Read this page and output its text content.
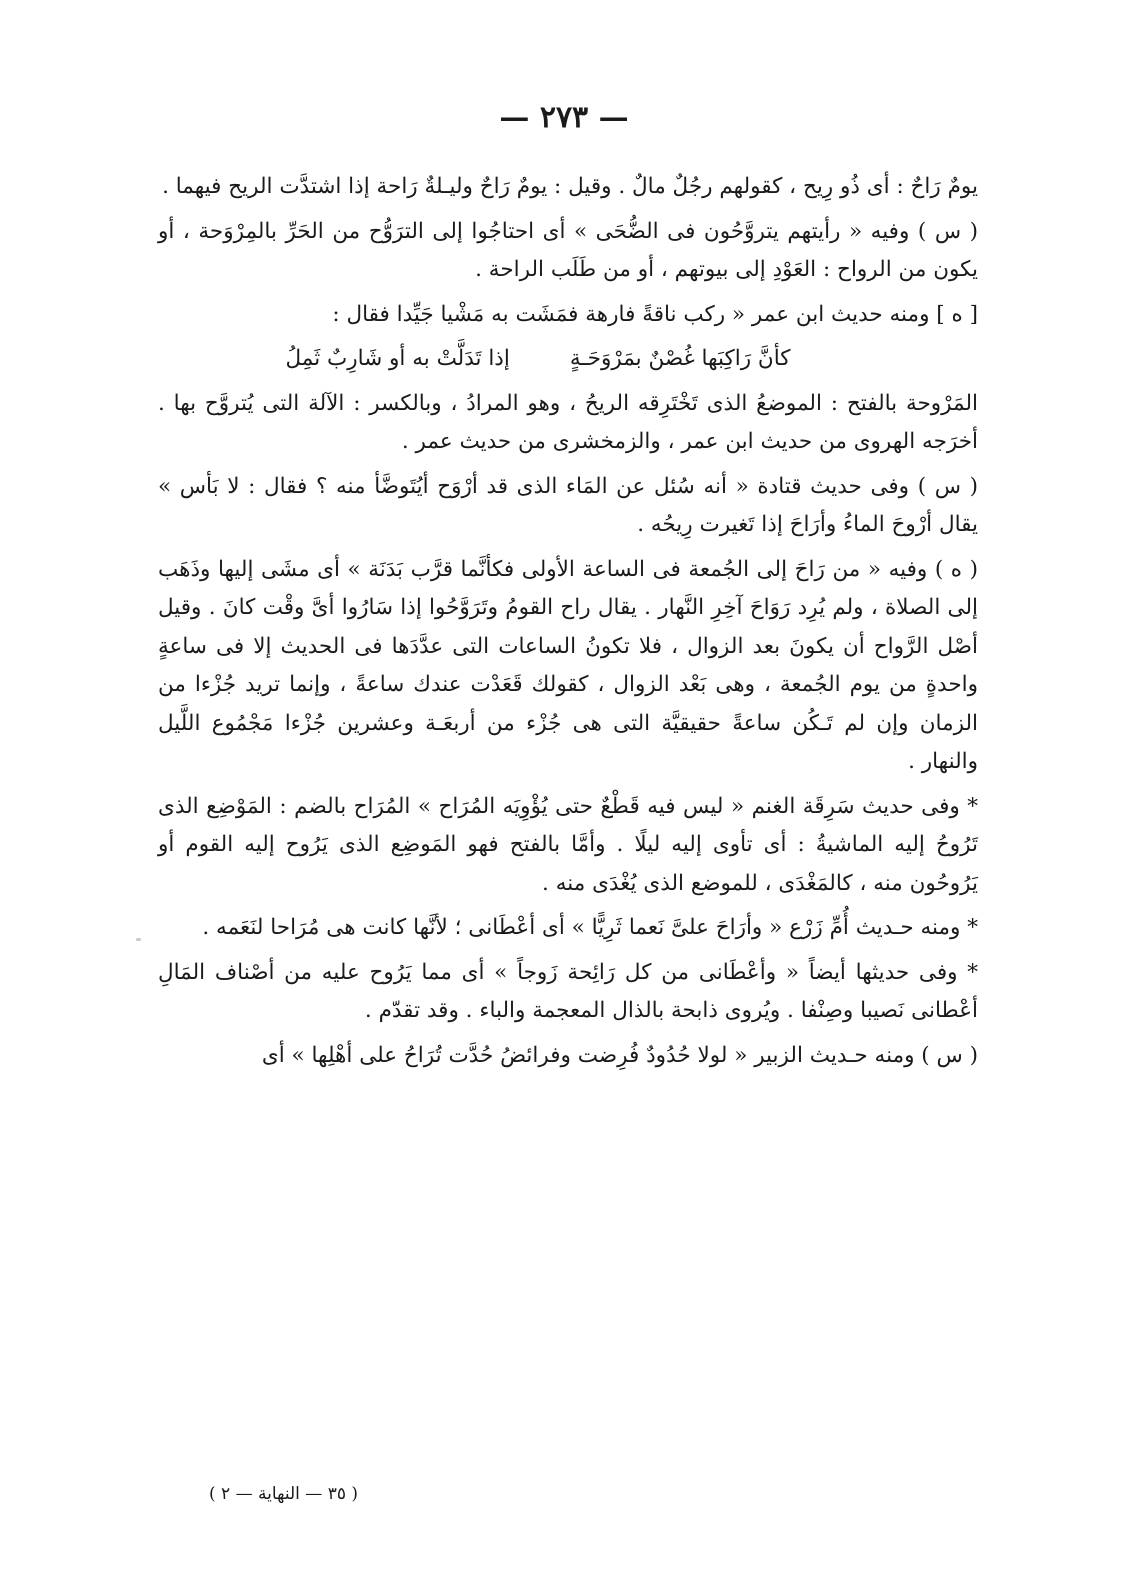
— ٢٧٣ —

يومٌ رَاحٌ : أى ذُو رِيح ، كقولهم رجُلٌ مالٌ . وقيل : يومٌ رَاحٌ وليـلةٌ رَاحة إذا اشتدَّت الريح فيهما .

( س ) وفيه « رأيتهم يتروَّحُون فى الضُّحَى » أى احتاجُوا إلى الترَوُّح من الحَرِّ بالمِرْوَحة ، أو يكون من الرواح : العَوْدِ إلى بيوتهم ، أو من طَلَب الراحة .

[ ه ] ومنه حديث ابن عمر « ركب ناقةً فارهة فمَشَت به مَشْيا جَيِّدا فقال :

كأنَّ رَاكِبَها غُصْنٌ بمَرْوَحَـةٍ
إذا تَدَلَّتْ به أو شَارِبٌ ثَمِلُ

المَرْوحة بالفتح : الموضعُ الذى تَخْتَرِقه الريحُ ، وهو المرادُ ، وبالكسر : الآلة التى يُتروَّح بها . أخرَجه الهروى من حديث ابن عمر ، والزمخشرى من حديث عمر .

( س ) وفى حديث قتادة « أنه سُئل عن المَاء الذى قد أرْوَح أيُتَوضَّأ منه ؟ فقال : لا بَأس » يقال أرْوحَ الماءُ وأرَاحَ إذا تَغيرت رِيحُه .

( ه ) وفيه « من رَاحَ إلى الجُمعة فى الساعة الأولى فكأنَّما قرَّب بَدَنَة » أى مشَى إليها وذَهَب إلى الصلاة ، ولم يُرِد رَوَاحَ آخِرِ النَّهار . يقال راح القومُ وتَرَوَّحُوا إذا سَارُوا أىَّ وقْت كانَ . وقيل أصْل الرَّواح أن يكونَ بعد الزوال ، فلا تكونُ الساعات التى عدَّدَها فى الحديث إلا فى ساعةٍ واحدةٍ من يوم الجُمعة ، وهى بَعْد الزوال ، كقولك قَعَدْت عندك ساعةً ، وإنما تريد جُزْءا من الزمان وإن لم تَـكُن ساعةً حقيقيَّة التى هى جُزْء من أربعَـة وعشرين جُزْءا مَجْمُوع اللَّيل والنهار .

* وفى حديث سَرِقَة الغنم « ليس فيه قَطْعٌ حتى يُؤْوِيَه المُرَاح » المُرَاح بالضم : المَوْضِع الذى تَرُوحُ إليه الماشيةُ : أى تأوى إليه ليلًا . وأمَّا بالفتح فهو المَوضِع الذى يَرُوح إليه القوم أو يَرُوحُون منه ، كالمَغْدَى ، للموضع الذى يُغْدَى منه .

* ومنه حـديث أُمِّ زَرْع « وأرَاحَ علىَّ نَعما ثَرِيًّا » أى أعْطَانى ؛ لأنَّها كانت هى مُرَاحا لنَعَمه .

* وفى حديثها أيضاً « وأعْطَانى من كل رَائِحة زَوجاً » أى مما يَرُوح عليه من أصْناف المَالِ أعْطانى نَصيبا وصِنْفا . ويُروى ذابحة بالذال المعجمة والباء . وقد تقدّم .

( س ) ومنه حـديث الزبير « لولا حُدُودٌ فُرِضت وفرائضُ حُدَّت تُرَاحُ على أهْلِها » أى

( ٣٥ — النهاية — ٢ )
